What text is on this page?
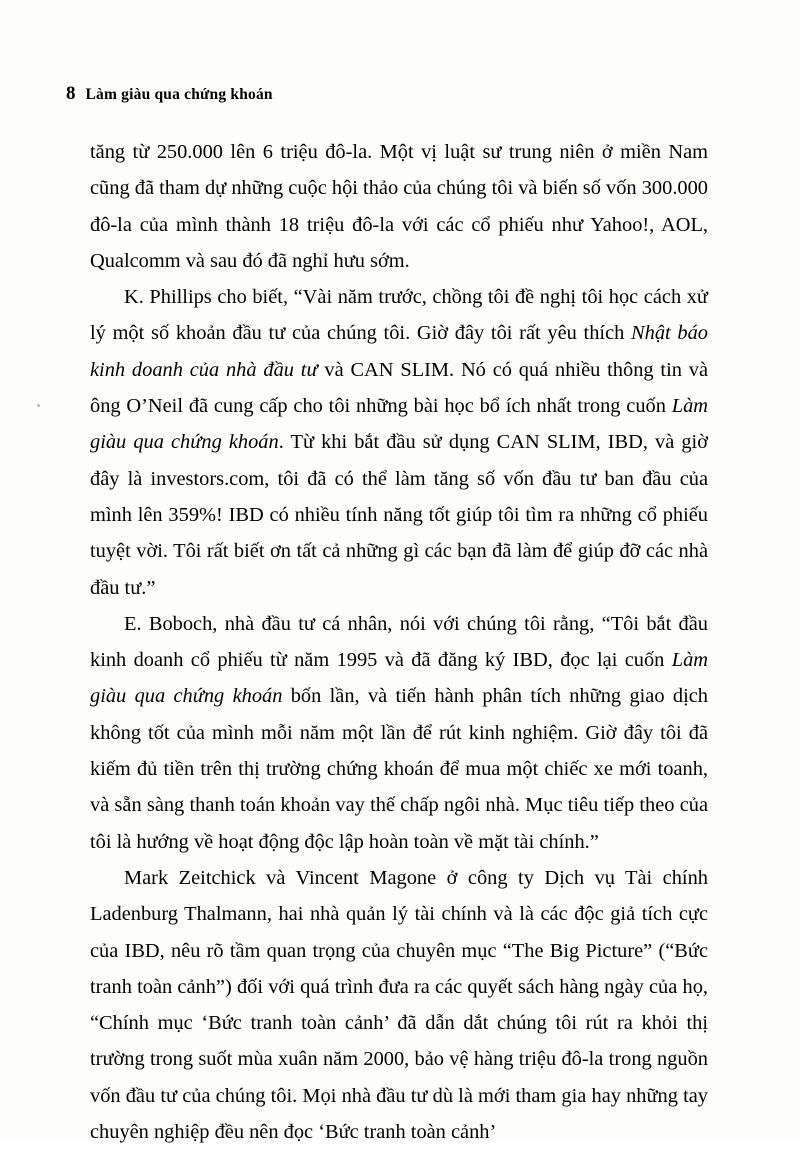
8 Làm giàu qua chứng khoán

tăng từ 250.000 lên 6 triệu đô-la. Một vị luật sư trung niên ở miền Nam cũng đã tham dự những cuộc hội thảo của chúng tôi và biến số vốn 300.000 đô-la của mình thành 18 triệu đô-la với các cổ phiếu như Yahoo!, AOL, Qualcomm và sau đó đã nghỉ hưu sớm.

K. Phillips cho biết, “Vài năm trước, chồng tôi đề nghị tôi học cách xử lý một số khoản đầu tư của chúng tôi. Giờ đây tôi rất yêu thích Nhật báo kinh doanh của nhà đầu tư và CAN SLIM. Nó có quá nhiều thông tin và ông O’Neil đã cung cấp cho tôi những bài học bổ ích nhất trong cuốn Làm giàu qua chứng khoán. Từ khi bắt đầu sử dụng CAN SLIM, IBD, và giờ đây là investors.com, tôi đã có thể làm tăng số vốn đầu tư ban đầu của mình lên 359%! IBD có nhiều tính năng tốt giúp tôi tìm ra những cổ phiếu tuyệt vời. Tôi rất biết ơn tất cả những gì các bạn đã làm để giúp đỡ các nhà đầu tư.”

E. Boboch, nhà đầu tư cá nhân, nói với chúng tôi rằng, “Tôi bắt đầu kinh doanh cổ phiếu từ năm 1995 và đã đăng ký IBD, đọc lại cuốn Làm giàu qua chứng khoán bốn lần, và tiến hành phân tích những giao dịch không tốt của mình mỗi năm một lần để rút kinh nghiệm. Giờ đây tôi đã kiếm đủ tiền trên thị trường chứng khoán để mua một chiếc xe mới toanh, và sẵn sàng thanh toán khoản vay thế chấp ngôi nhà. Mục tiêu tiếp theo của tôi là hướng về hoạt động độc lập hoàn toàn về mặt tài chính.”

Mark Zeitchick và Vincent Magone ở công ty Dịch vụ Tài chính Ladenburg Thalmann, hai nhà quản lý tài chính và là các độc giả tích cực của IBD, nêu rõ tầm quan trọng của chuyên mục “The Big Picture” (“Bức tranh toàn cảnh”) đối với quá trình đưa ra các quyết sách hàng ngày của họ, “Chính mục ‘Bức tranh toàn cảnh’ đã dẫn dắt chúng tôi rút ra khỏi thị trường trong suốt mùa xuân năm 2000, bảo vệ hàng triệu đô-la trong nguồn vốn đầu tư của chúng tôi. Mọi nhà đầu tư dù là mới tham gia hay những tay chuyên nghiệp đều nên đọc ‘Bức tranh toàn cảnh’
